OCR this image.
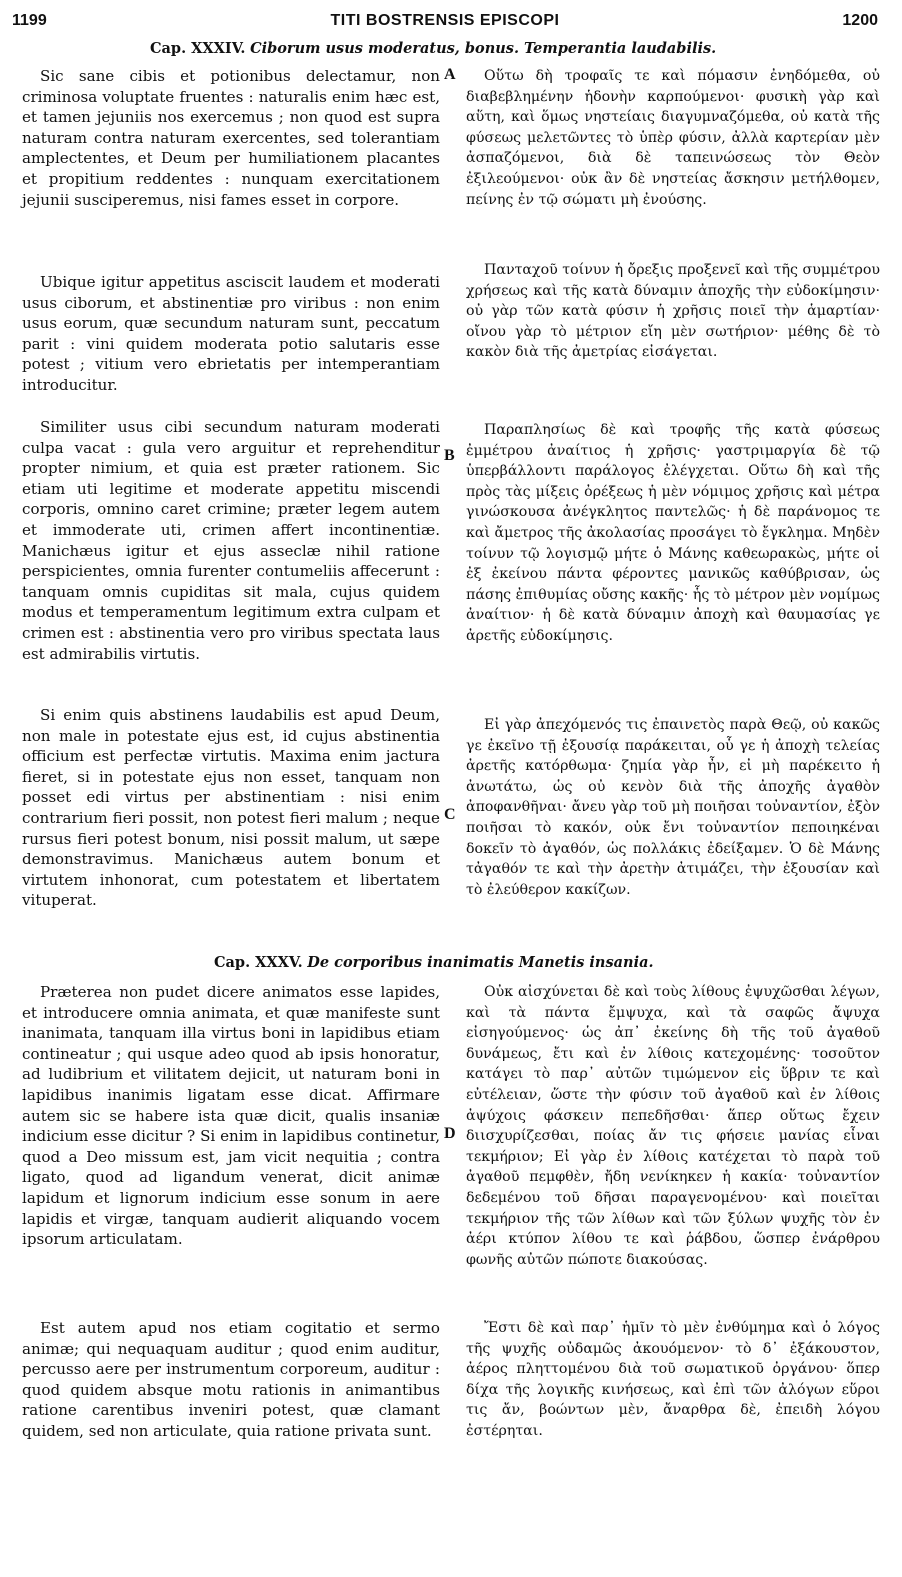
1199	TITI BOSTRENSIS EPISCOPI	1200
Cap. XXXIV. Ciborum usus moderatus, bonus. Temperantia laudabilis.

Sic sane cibis et potionibus delectamur, non criminosa voluptate fruentes : naturalis enim hæc est, et tamen jejuniis nos exercemus ; non quod est supra naturam contra naturam exercentes, sed tolerantiam amplectentes, et Deum per humiliationem placantes et propitium reddentes : nunquam exercitationem jejunii susciperemus, nisi fames esset in corpore.

Ubique igitur appetitus asciscit laudem et moderati usus ciborum, et abstinentiæ pro viribus : non enim usus eorum, quæ secundum naturam sunt, peccatum parit : vini quidem moderata potio salutaris esse potest ; vitium vero ebrietatis per intemperantiam introducitur.

Similiter usus cibi secundum naturam moderati culpa vacat : gula vero arguitur et reprehenditur propter nimium, et quia est præter rationem. Sic etiam uti legitime et moderate appetitu miscendi corporis, omnino caret crimine; præter legem autem et immoderate uti, crimen affert incontinentiæ. Manichæus igitur et ejus asseclæ nihil ratione perspicientes, omnia furenter contumeliis affecerunt : tanquam omnis cupiditas sit mala, cujus quidem modus et temperamentum legitimum extra culpam et crimen est : abstinentia vero pro viribus spectata laus est admirabilis virtutis.

Si enim quis abstinens laudabilis est apud Deum, non male in potestate ejus est, id cujus abstinentia officium est perfectæ virtutis. Maxima enim jactura fieret, si in potestate ejus non esset, tanquam non posset edi virtus per abstinentiam : nisi enim contrarium fieri possit, non potest fieri malum ; neque rursus fieri potest bonum, nisi possit malum, ut sæpe demonstravimus. Manichæus autem bonum et virtutem inhonorat, cum potestatem et libertatem vituperat.

Οὕτω δὴ τροφαῖς τε καὶ πόμασιν ἐνηδόμεθα, οὐ διαβεβλημένην ἡδονὴν καρπούμενοι· φυσικὴ γὰρ καὶ αὕτη, καὶ ὅμως νηστείαις διαγυμναζόμεθα, οὐ κατὰ τῆς φύσεως μελετῶντες τὸ ὑπὲρ φύσιν, ἀλλὰ καρτερίαν μὲν ἀσπαζόμενοι, διὰ δὲ ταπεινώσεως τὸν Θεὸν ἐξιλεούμενοι· οὐκ ἂν δὲ νηστείας ἄσκησιν μετήλθομεν, πείνης ἐν τῷ σώματι μὴ ἐνούσης.

Πανταχοῦ τοίνυν ἡ ὄρεξις προξενεῖ καὶ τῆς συμμέτρου χρήσεως καὶ τῆς κατὰ δύναμιν ἀποχῆς τὴν εὐδοκίμησιν· οὐ γὰρ τῶν κατὰ φύσιν ἡ χρῆσις ποιεῖ τὴν ἁμαρτίαν· οἴνου γὰρ τὸ μέτριον εἴη μὲν σωτήριον· μέθης δὲ τὸ κακὸν διὰ τῆς ἀμετρίας εἰσάγεται.

Παραπλησίως δὲ καὶ τροφῆς τῆς κατὰ φύσεως ἐμμέτρου ἀναίτιος ἡ χρῆσις· γαστριμαργία δὲ τῷ ὑπερβάλλοντι παράλογος ἐλέγχεται. Οὕτω δὴ καὶ τῆς πρὸς τὰς μίξεις ὀρέξεως ἡ μὲν νόμιμος χρῆσις καὶ μέτρα γινώσκουσα ἀνέγκλητος παντελῶς· ἡ δὲ παράνομος τε καὶ ἄμετρος τῆς ἀκολασίας προσάγει τὸ ἔγκλημα. Μηδὲν τοίνυν τῷ λογισμῷ μήτε ὁ Μάνης καθεωρακὼς, μήτε οἱ ἐξ ἐκείνου πάντα φέροντες μανικῶς καθύβρισαν, ὡς πάσης ἐπιθυμίας οὔσης κακῆς· ἧς τὸ μέτρον μὲν νομίμως ἀναίτιον· ἡ δὲ κατὰ δύναμιν ἀποχὴ καὶ θαυμασίας γε ἀρετῆς εὐδοκίμησις.

Εἰ γὰρ ἀπεχόμενός τις ἐπαινετὸς παρὰ Θεῷ, οὐ κακῶς γε ἐκεῖνο τῇ ἐξουσίᾳ παράκειται, οὗ γε ἡ ἀποχὴ τελείας ἀρετῆς κατόρθωμα· ζημία γὰρ ἦν, εἰ μὴ παρέκειτο ἡ ἀνωτάτω, ὡς οὐ κενὸν διὰ τῆς ἀποχῆς ἀγαθὸν ἀποφανθῆναι· ἄνευ γὰρ τοῦ μὴ ποιῆσαι τοὐναντίον, ἐξὸν ποιῆσαι τὸ κακόν, οὐκ ἔνι τοὐναντίον πεποιηκέναι δοκεῖν τὸ ἀγαθόν, ὡς πολλάκις ἐδείξαμεν. Ὁ δὲ Μάνης τἀγαθόν τε καὶ τὴν ἀρετὴν ἀτιμάζει, τὴν ἐξουσίαν καὶ τὸ ἐλεύθερον κακίζων.

Cap. XXXV. De corporibus inanimatis Manetis insania.

Præterea non pudet dicere animatos esse lapides, et introducere omnia animata, et quæ manifeste sunt inanimata, tanquam illa virtus boni in lapidibus etiam contineatur ; qui usque adeo quod ab ipsis honoratur, ad ludibrium et vilitatem dejicit, ut naturam boni in lapidibus inanimis ligatam esse dicat. Affirmare autem sic se habere ista quæ dicit, qualis insaniæ indicium esse dicitur ? Si enim in lapidibus continetur, quod a Deo missum est, jam vicit nequitia ; contra ligato, quod ad ligandum venerat, dicit animæ lapidum et lignorum indicium esse sonum in aere lapidis et virgæ, tanquam audierit aliquando vocem ipsorum articulatam.

Est autem apud nos etiam cogitatio et sermo animæ; qui nequaquam auditur ; quod enim auditur, percusso aere per instrumentum corporeum, auditur : quod quidem absque motu rationis in animantibus ratione carentibus inveniri potest, quæ clamant quidem, sed non articulate, quia ratione privata sunt.

Οὐκ αἰσχύνεται δὲ καὶ τοὺς λίθους ἐψυχῶσθαι λέγων, καὶ τὰ πάντα ἔμψυχα, καὶ τὰ σαφῶς ἄψυχα εἰσηγούμενος· ὡς ἀπ᾽ ἐκείνης δὴ τῆς τοῦ ἀγαθοῦ δυνάμεως, ἔτι καὶ ἐν λίθοις κατεχομένης· τοσοῦτον κατάγει τὸ παρ᾽ αὐτῶν τιμώμενον εἰς ὕβριν τε καὶ εὐτέλειαν, ὥστε τὴν φύσιν τοῦ ἀγαθοῦ καὶ ἐν λίθοις ἀψύχοις φάσκειν πεπεδῆσθαι· ἅπερ οὕτως ἔχειν διισχυρίζεσθαι, ποίας ἄν τις φήσειε μανίας εἶναι τεκμήριον; Εἰ γὰρ ἐν λίθοις κατέχεται τὸ παρὰ τοῦ ἀγαθοῦ πεμφθὲν, ἤδη νενίκηκεν ἡ κακία· τοὐναντίον δεδεμένου τοῦ δῆσαι παραγενομένου· καὶ ποιεῖται τεκμήριον τῆς τῶν λίθων καὶ τῶν ξύλων ψυχῆς τὸν ἐν ἀέρι κτύπον λίθου τε καὶ ῥάβδου, ὥσπερ ἐνάρθρου φωνῆς αὐτῶν πώποτε διακούσας.

Ἔστι δὲ καὶ παρ᾽ ἡμῖν τὸ μὲν ἐνθύμημα καὶ ὁ λόγος τῆς ψυχῆς οὐδαμῶς ἀκουόμενον· τὸ δ᾽ ἐξάκουστον, ἀέρος πληττομένου διὰ τοῦ σωματικοῦ ὀργάνου· ὅπερ δίχα τῆς λογικῆς κινήσεως, καὶ ἐπὶ τῶν ἀλόγων εὕροι τις ἄν, βοώντων μὲν, ἄναρθρα δὲ, ἐπειδὴ λόγου ἐστέρηται.

A
B
C
D
